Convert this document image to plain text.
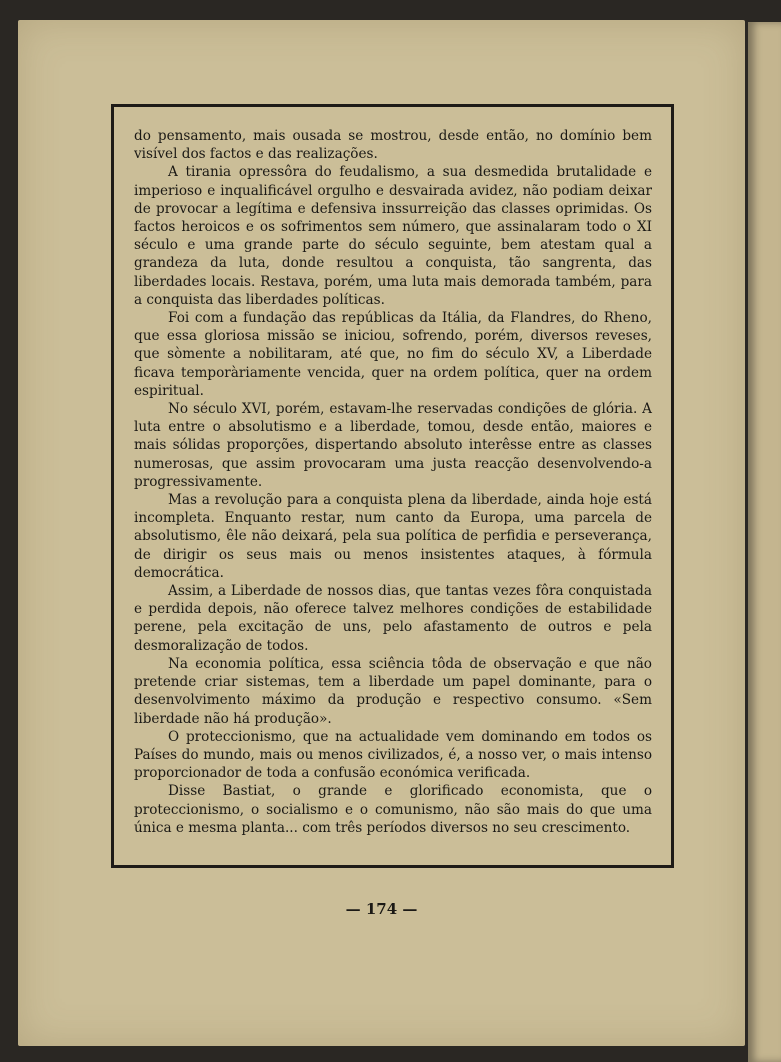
do pensamento, mais ousada se mostrou, desde então, no domínio bem visível dos factos e das realizações.

A tirania opressôra do feudalismo, a sua desmedida brutalidade e imperioso e inqualificável orgulho e desvairada avidez, não podiam deixar de provocar a legítima e defensiva inssurreição das classes oprimidas. Os factos heroicos e os sofrimentos sem número, que assinalaram todo o XI século e uma grande parte do século seguinte, bem atestam qual a grandeza da luta, donde resultou a conquista, tão sangrenta, das liberdades locais. Restava, porém, uma luta mais demorada também, para a conquista das liberdades políticas.

Foi com a fundação das repúblicas da Itália, da Flandres, do Rheno, que essa gloriosa missão se iniciou, sofrendo, porém, diversos reveses, que sòmente a nobilitaram, até que, no fim do século XV, a Liberdade ficava temporàriamente vencida, quer na ordem política, quer na ordem espiritual.

No século XVI, porém, estavam-lhe reservadas condições de glória. A luta entre o absolutismo e a liberdade, tomou, desde então, maiores e mais sólidas proporções, dispertando absoluto interêsse entre as classes numerosas, que assim provocaram uma justa reacção desenvolvendo-a progressivamente.

Mas a revolução para a conquista plena da liberdade, ainda hoje está incompleta. Enquanto restar, num canto da Europa, uma parcela de absolutismo, êle não deixará, pela sua política de perfidia e perseverança, de dirigir os seus mais ou menos insistentes ataques, à fórmula democrática.

Assim, a Liberdade de nossos dias, que tantas vezes fôra conquistada e perdida depois, não oferece talvez melhores condições de estabilidade perene, pela excitação de uns, pelo afastamento de outros e pela desmoralização de todos.

Na economia política, essa sciência tôda de observação e que não pretende criar sistemas, tem a liberdade um papel dominante, para o desenvolvimento máximo da produção e respectivo consumo. «Sem liberdade não há produção».

O proteccionismo, que na actualidade vem dominando em todos os Países do mundo, mais ou menos civilizados, é, a nosso ver, o mais intenso proporcionador de toda a confusão económica verificada.

Disse Bastiat, o grande e glorificado economista, que o proteccionismo, o socialismo e o comunismo, não são mais do que uma única e mesma planta... com três períodos diversos no seu crescimento.

— 174 —
